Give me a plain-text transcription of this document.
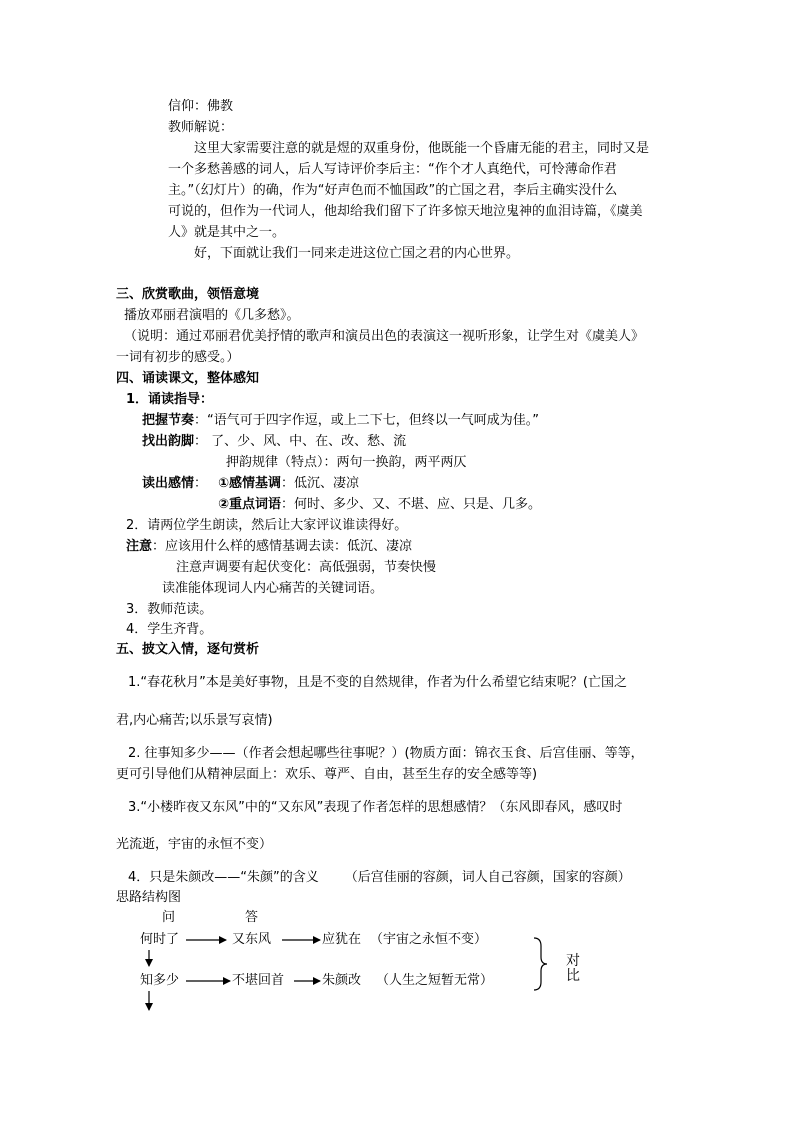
信仰：佛教
教师解说：
这里大家需要注意的就是煜的双重身份，他既能一个昏庸无能的君主，同时又是
一个多愁善感的词人，后人写诗评价李后主：“作个才人真绝代，可怜薄命作君
主。”（幻灯片）的确，作为“好声色而不恤国政”的亡国之君，李后主确实没什么
可说的，但作为一代词人，他却给我们留下了许多惊天地泣鬼神的血泪诗篇，《虞美
人》就是其中之一。
好，下面就让我们一同来走进这位亡国之君的内心世界。
三、欣赏歌曲，领悟意境
播放邓丽君演唱的《几多愁》。
（说明：通过邓丽君优美抒情的歌声和演员出色的表演这一视听形象，让学生对《虞美人》
一词有初步的感受。）
四、诵读课文，整体感知
1．诵读指导：
把握节奏：“语气可于四字作逗，或上二下七，但终以一气呵成为佳。”
找出韵脚： 了、少、风、中、在、改、愁、流
押韵规律（特点）：两句一换韵，两平两仄
读出感情： ①感情基调：低沉、凄凉
②重点词语：何时、多少、又、不堪、应、只是、几多。
2．请两位学生朗读，然后让大家评议谁读得好。
注意：应该用什么样的感情基调去读：低沉、凄凉
注意声调要有起伏变化：高低强弱，节奏快慢
读准能体现词人内心痛苦的关键词语。
3．教师范读。
4．学生齐背。
五、披文入情，逐句赏析
1.“春花秋月”本是美好事物，且是不变的自然规律，作者为什么希望它结束呢？(亡国之
君,内心痛苦;以乐景写哀情)
2. 往事知多少——（作者会想起哪些往事呢？）(物质方面：锦衣玉食、后宫佳丽、等等，
更可引导他们从精神层面上：欢乐、尊严、自由，甚至生存的安全感等等)
3.“小楼昨夜又东风”中的“又东风”表现了作者怎样的思想感情？（东风即春风，感叹时
光流逝，宇宙的永恒不变）
4．只是朱颜改——“朱颜”的含义 （后宫佳丽的容颜，词人自己容颜，国家的容颜）
思路结构图
问	答
何时了	又东风	应犹在 （宇宙之永恒不变）
知多少	不堪回首	朱颜改 （人生之短暂无常）
对
比
